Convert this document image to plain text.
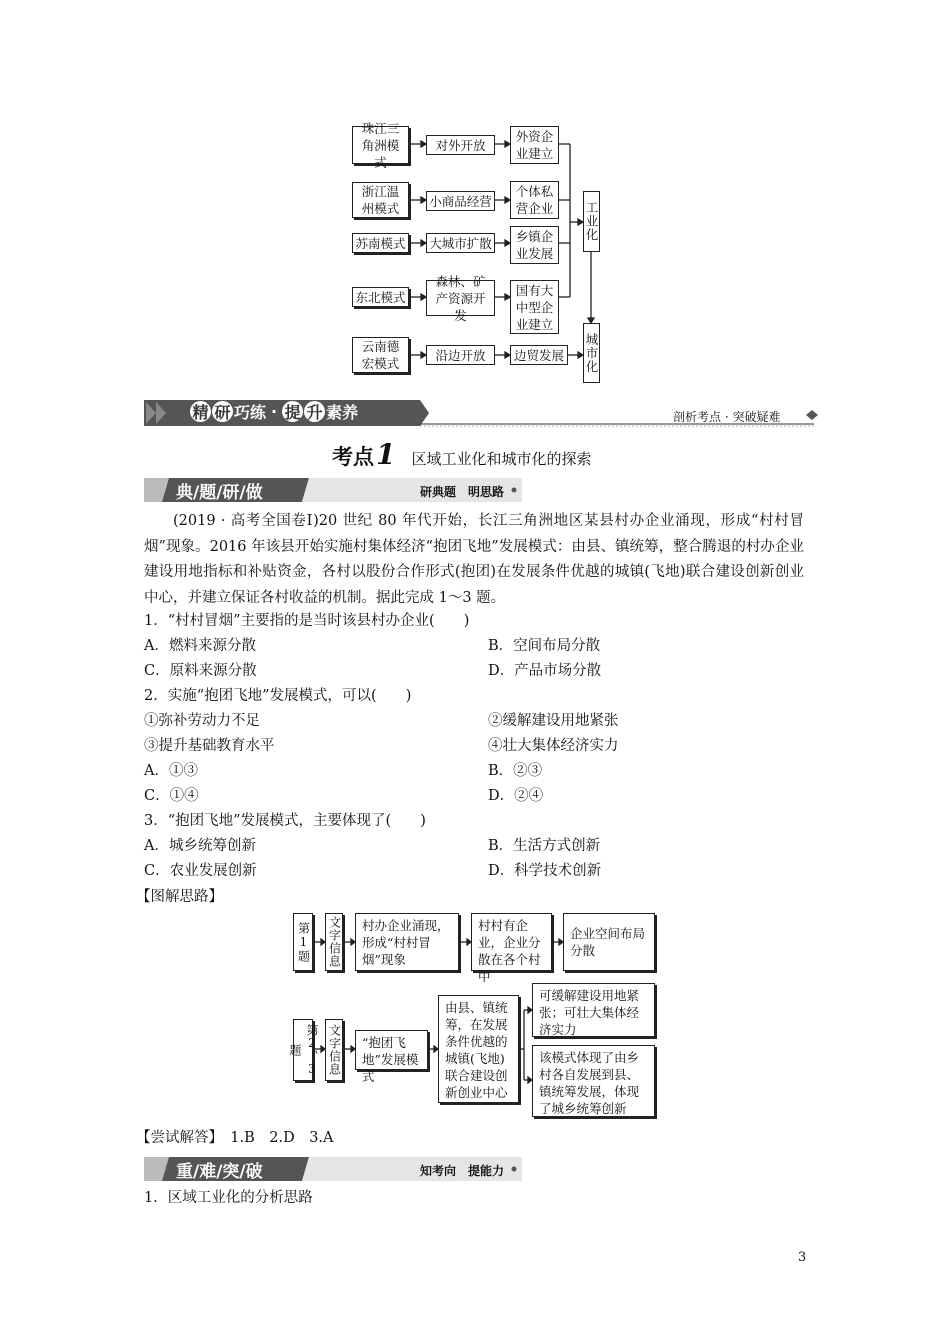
珠江三角洲模式
对外开放
外资企业建立
浙江温州模式 小商品经营
个体私营企业
苏南模式 大城市扩散 乡镇企业发展
东北模式
森林、矿产资源开发
国有大中型企业建立
云南德宏模式
沿边开放 边贸发展
工业化
城市化
精 研 巧练 · 提 升 素养	剖析考点 · 突破疑难
考点 1 区域工业化和城市化的探索
典/题/研/做	研典题　明思路
(2019 · 高考全国卷Ⅰ)20 世纪 80 年代开始，长江三角洲地区某县村办企业涌现，形成“村村冒烟”现象。2016 年该县开始实施村集体经济“抱团飞地”发展模式：由县、镇统筹，整合腾退的村办企业建设用地指标和补贴资金，各村以股份合作形式(抱团)在发展条件优越的城镇(飞地)联合建设创新创业中心，并建立保证各村收益的机制。据此完成 1～3 题。
1．“村村冒烟”主要指的是当时该县村办企业(　　)
A．燃料来源分散	B．空间布局分散
C．原料来源分散	D．产品市场分散
2．实施“抱团飞地”发展模式，可以(　　)
①弥补劳动力不足	②缓解建设用地紧张
③提升基础教育水平	④壮大集体经济实力
A．①③	B．②③
C．①④	D．②④
3．“抱团飞地”发展模式，主要体现了(　　)
A．城乡统筹创新	B．生活方式创新
C．农业发展创新	D．科学技术创新
【图解思路】
第1题 文字信息	村办企业涌现，形成“村村冒烟”现象
村村有企业，企业分散在各个村中
企业空间布局分散
第2、3题	文字信息	“抱团飞地”发展模式
由县、镇统筹，在发展条件优越的城镇(飞地)联合建设创新创业中心
可缓解建设用地紧张；可壮大集体经济实力
该模式体现了由乡村各自发展到县、镇统筹发展，体现了城乡统筹创新
【尝试解答】　1.B　2.D　3.A
重/难/突/破	知考向　提能力
1．区域工业化的分析思路
3
